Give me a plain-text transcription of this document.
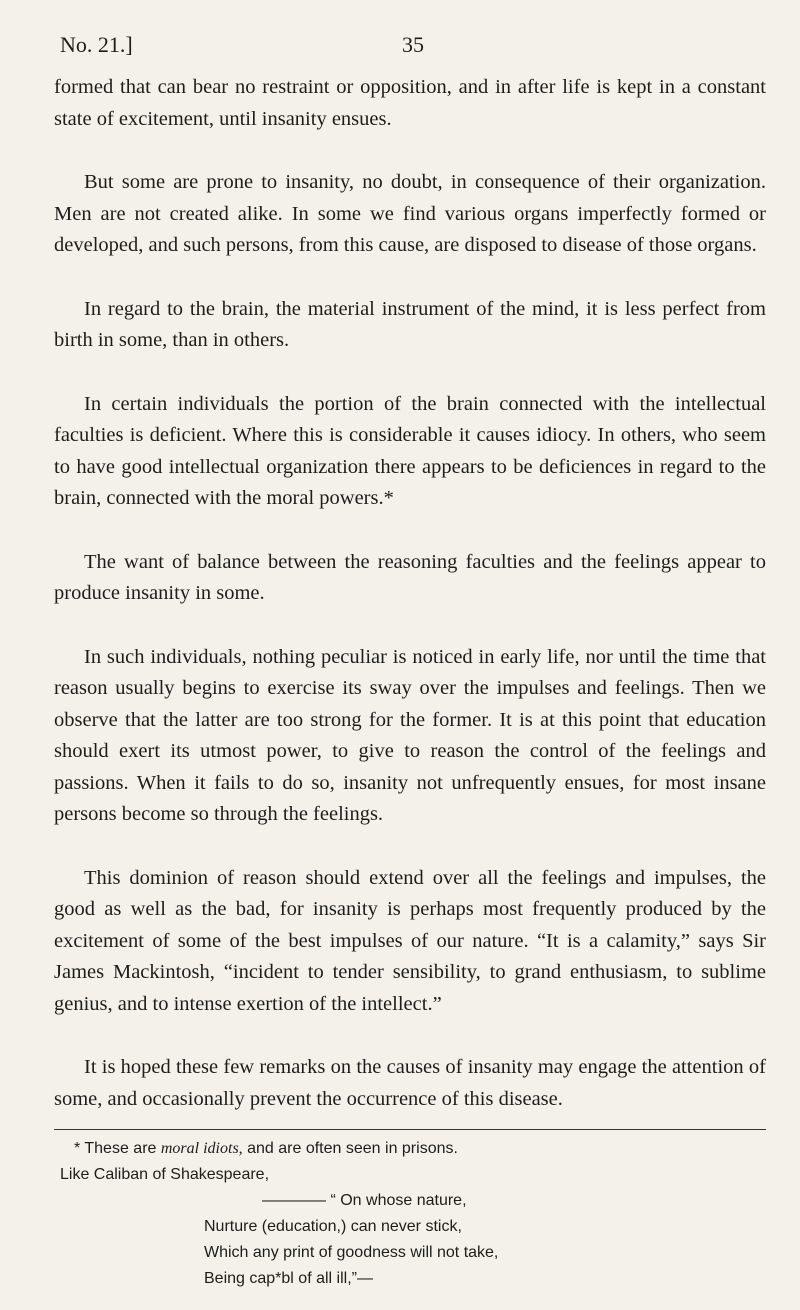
No. 21.]	35

formed that can bear no restraint or opposition, and in after life is kept in a constant state of excitement, until insanity ensues.

But some are prone to insanity, no doubt, in consequence of their organization. Men are not created alike. In some we find various organs imperfectly formed or developed, and such persons, from this cause, are disposed to disease of those organs.

In regard to the brain, the material instrument of the mind, it is less perfect from birth in some, than in others.

In certain individuals the portion of the brain connected with the intellectual faculties is deficient. Where this is considerable it causes idiocy. In others, who seem to have good intellectual organization there appears to be deficiences in regard to the brain, connected with the moral powers.*

The want of balance between the reasoning faculties and the feelings appear to produce insanity in some.

In such individuals, nothing peculiar is noticed in early life, nor until the time that reason usually begins to exercise its sway over the impulses and feelings. Then we observe that the latter are too strong for the former. It is at this point that education should exert its utmost power, to give to reason the control of the feelings and passions. When it fails to do so, insanity not unfrequently ensues, for most insane persons become so through the feelings.

This dominion of reason should extend over all the feelings and impulses, the good as well as the bad, for insanity is perhaps most frequently produced by the excitement of some of the best impulses of our nature. “It is a calamity,” says Sir James Mackintosh, “incident to tender sensibility, to grand enthusiasm, to sublime genius, and to intense exertion of the intellect.”

It is hoped these few remarks on the causes of insanity may engage the attention of some, and occasionally prevent the occurrence of this disease.

* These are moral idiots, and are often seen in prisons.
Like Caliban of Shakespeare,
———— “ On whose nature,
Nurture (education,) can never stick,
Which any print of goodness will not take,
Being cap*bl of all ill,”—
